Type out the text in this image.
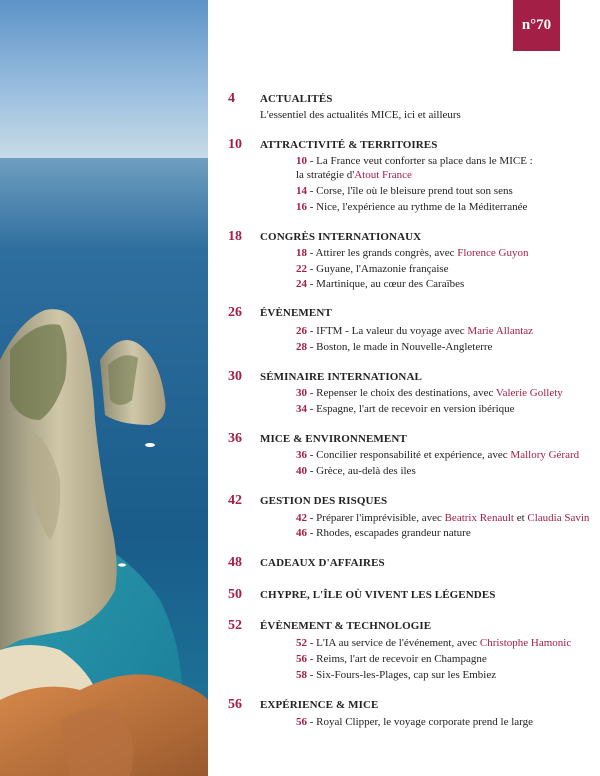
n°70
4	ACTUALITÉS
L'essentiel des actualités MICE, ici et ailleurs
10	ATTRACTIVITÉ & TERRITOIRES
10 - La France veut conforter sa place dans le MICE :
la stratégie d'Atout France
14 - Corse, l'île où le bleisure prend tout son sens
16 - Nice, l'expérience au rythme de la Méditerranée
18	CONGRÈS INTERNATIONAUX
18 - Attirer les grands congrès, avec Florence Guyon
22 - Guyane, l'Amazonie française
24 - Martinique, au cœur des Caraïbes
26	ÉVÈNEMENT
26 - IFTM - La valeur du voyage avec Marie Allantaz
28 - Boston, le made in Nouvelle-Angleterre
30	SÉMINAIRE INTERNATIONAL
30 - Repenser le choix des destinations, avec Valerie Gollety
34 - Espagne, l'art de recevoir en version ibérique
36	MICE & ENVIRONNEMENT
36 - Concilier responsabilité et expérience, avec Mallory Gérard
40 - Grèce, au-delà des iles
42	GESTION DES RISQUES
42 - Préparer l'imprévisible, avec Beatrix Renault et Claudia Savin
46 - Rhodes, escapades grandeur nature
48	CADEAUX D'AFFAIRES
50	CHYPRE, L'ÎLE OÙ VIVENT LES LÉGENDES
52	ÉVÈNEMENT & TECHNOLOGIE
52 - L'IA au service de l'événement, avec Christophe Hamonic
56 - Reims, l'art de recevoir en Champagne
58 - Six-Fours-les-Plages, cap sur les Embiez
56	EXPÉRIENCE & MICE
56 - Royal Clipper, le voyage corporate prend le large
